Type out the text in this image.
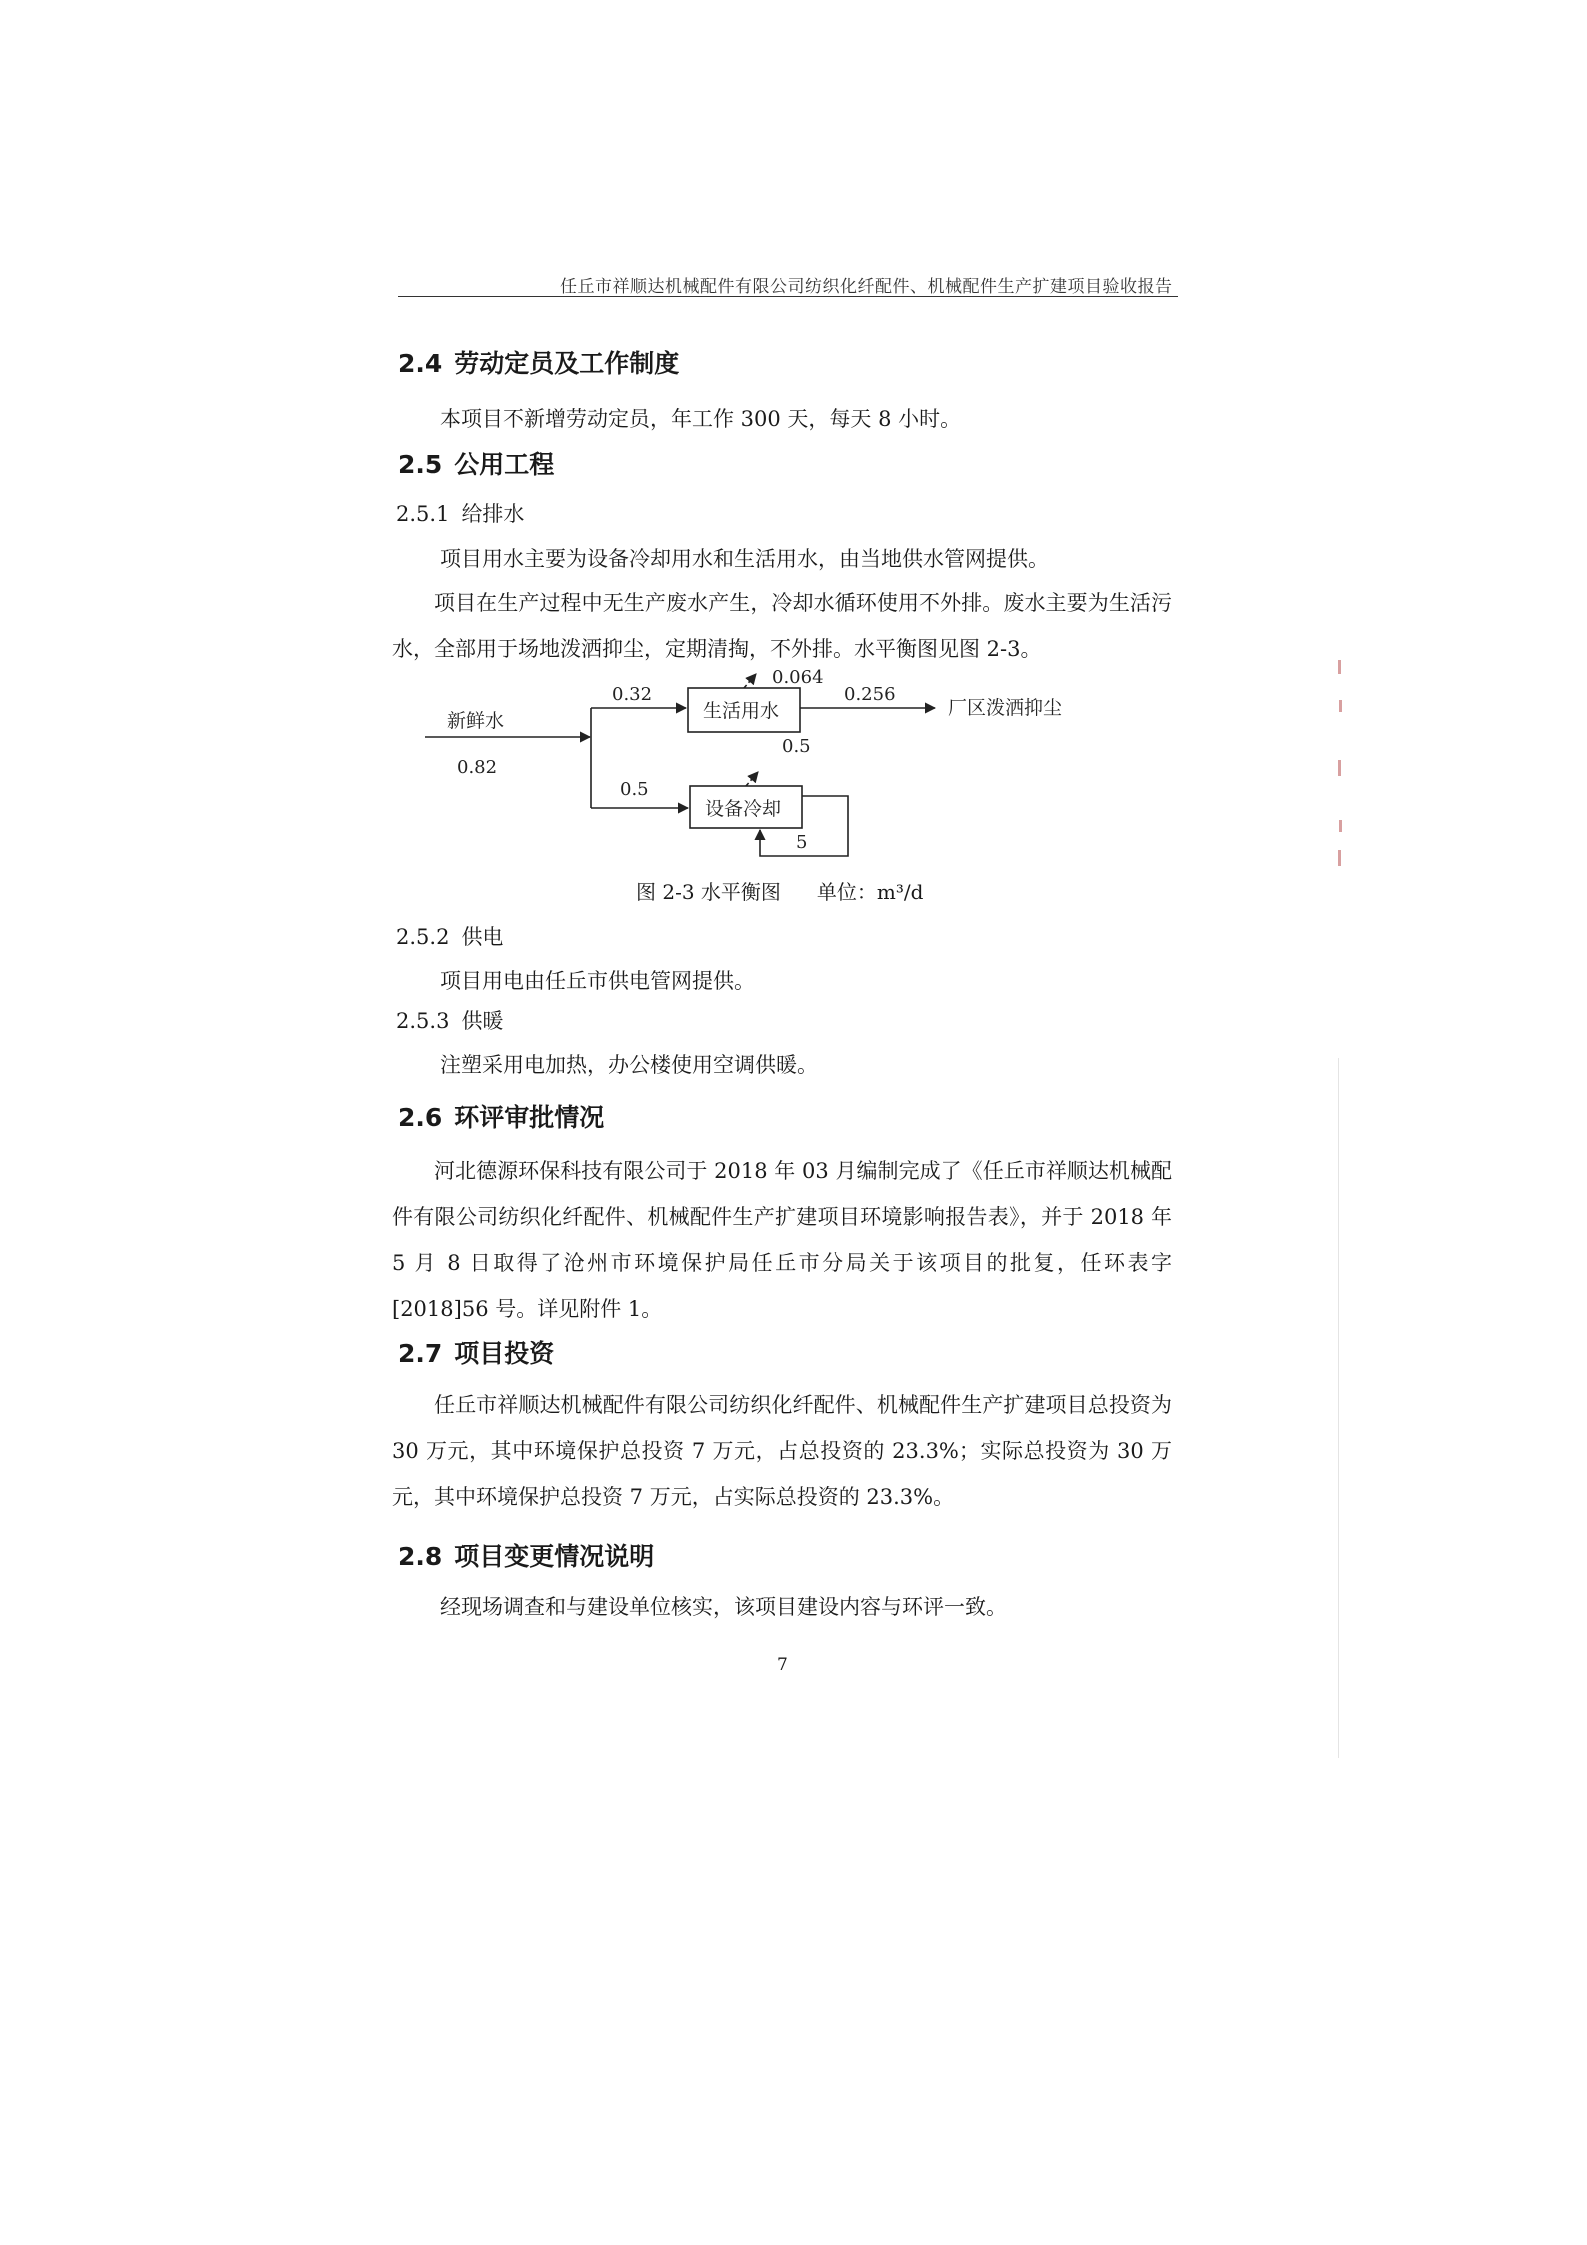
任丘市祥顺达机械配件有限公司纺织化纤配件、机械配件生产扩建项目验收报告
2.4 劳动定员及工作制度
本项目不新增劳动定员，年工作 300 天，每天 8 小时。
2.5 公用工程
2.5.1 给排水
项目用水主要为设备冷却用水和生活用水，由当地供水管网提供。
项目在生产过程中无生产废水产生，冷却水循环使用不外排。废水主要为生活污水，全部用于场地泼洒抑尘，定期清掏，不外排。水平衡图见图 2-3。
新鲜水
0.82
0.32
0.5
生活用水
设备冷却
0.064
0.256
厂区泼洒抑尘
0.5
5
图 2-3 水平衡图 单位：m³/d
2.5.2 供电
项目用电由任丘市供电管网提供。
2.5.3 供暖
注塑采用电加热，办公楼使用空调供暖。
2.6 环评审批情况
河北德源环保科技有限公司于 2018 年 03 月编制完成了《任丘市祥顺达机械配件有限公司纺织化纤配件、机械配件生产扩建项目环境影响报告表》，并于 2018 年 5 月 8 日取得了沧州市环境保护局任丘市分局关于该项目的批复，任环表字[2018]56 号。详见附件 1。
2.7 项目投资
任丘市祥顺达机械配件有限公司纺织化纤配件、机械配件生产扩建项目总投资为 30 万元，其中环境保护总投资 7 万元，占总投资的 23.3%；实际总投资为 30 万元，其中环境保护总投资 7 万元，占实际总投资的 23.3%。
2.8 项目变更情况说明
经现场调查和与建设单位核实，该项目建设内容与环评一致。
7
